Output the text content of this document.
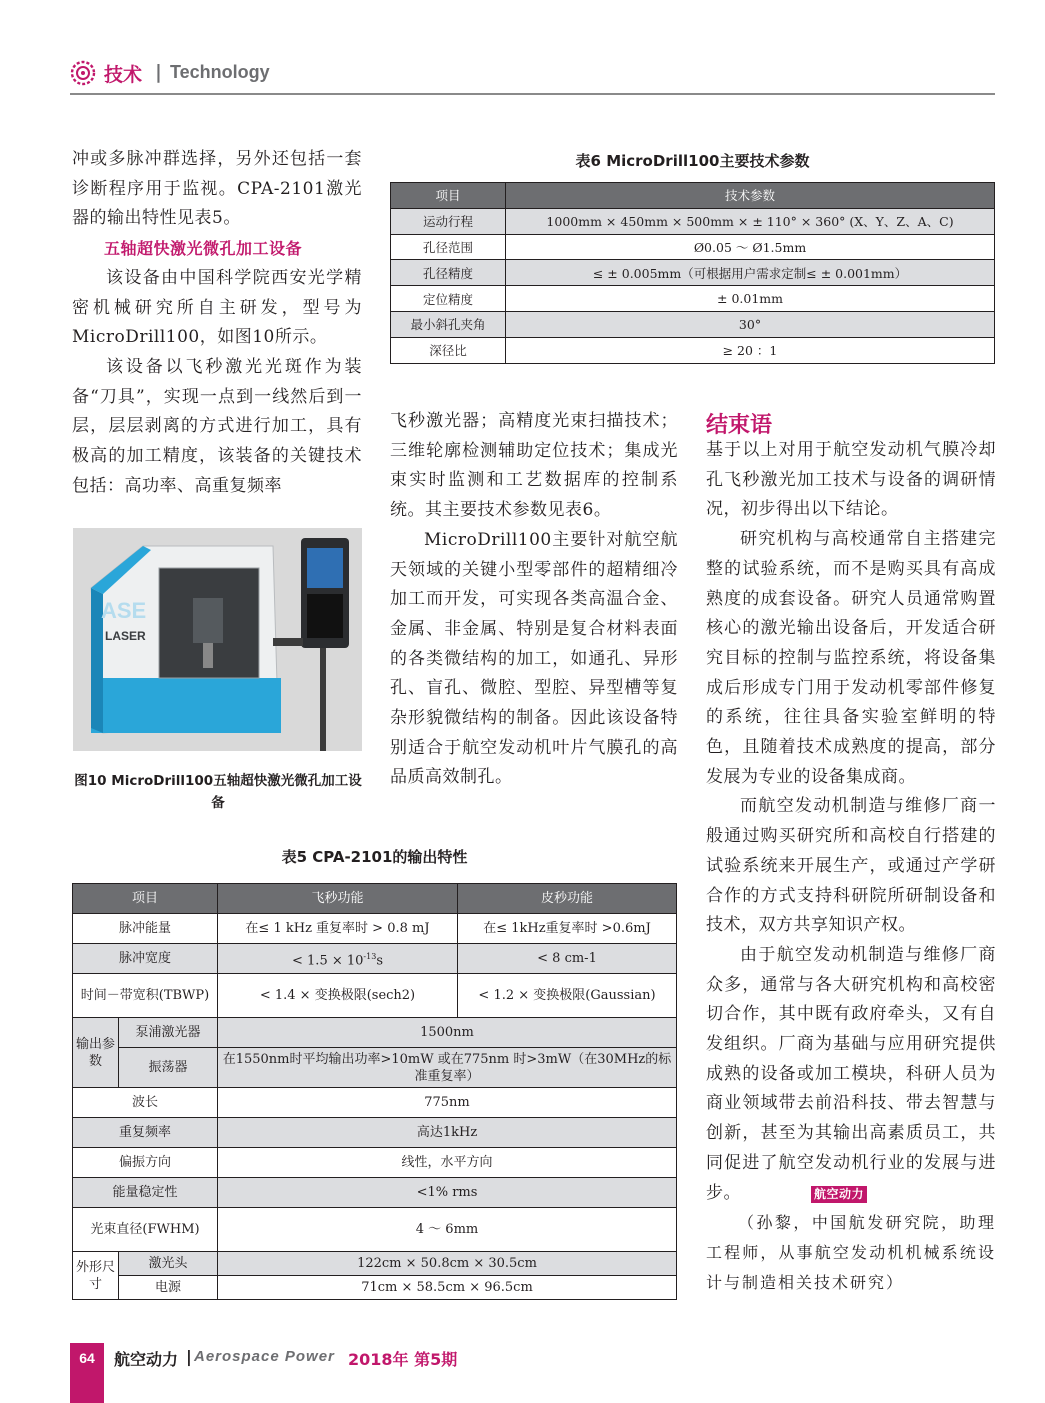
技术 | Technology

冲或多脉冲群选择，另外还包括一套诊断程序用于监视。CPA-2101激光器的输出特性见表5。

五轴超快激光微孔加工设备

该设备由中国科学院西安光学精密机械研究所自主研发，型号为MicroDrill100，如图10所示。

该设备以飞秒激光光斑作为装备“刀具”，实现一点到一线然后到一层，层层剥离的方式进行加工，具有极高的加工精度，该装备的关键技术包括：高功率、高重复频率

LASER
ASE
图10 MicroDrill100五轴超快激光微孔加工设备
表6 MicroDrill100主要技术参数
项目	技术参数
运动行程	1000mm × 450mm × 500mm × ± 110° × 360° (X、Y、Z、A、C)
孔径范围	Ø0.05 ～ Ø1.5mm
孔径精度	≤ ± 0.005mm（可根据用户需求定制≤ ± 0.001mm）
定位精度	± 0.01mm
最小斜孔夹角	30°
深径比	≥ 20 ：1

飞秒激光器；高精度光束扫描技术；三维轮廓检测辅助定位技术；集成光束实时监测和工艺数据库的控制系统。其主要技术参数见表6。

MicroDrill100主要针对航空航天领域的关键小型零部件的超精细冷加工而开发，可实现各类高温合金、金属、非金属、特别是复合材料表面的各类微结构的加工，如通孔、异形孔、盲孔、微腔、型腔、异型槽等复杂形貌微结构的制备。因此该设备特别适合于航空发动机叶片气膜孔的高品质高效制孔。

表5 CPA-2101的输出特性
项目		飞秒功能	皮秒功能
脉冲能量		在≤ 1 kHz 重复率时 > 0.8 mJ	在≤ 1kHz重复率时 >0.6mJ
脉冲宽度		< $1.5 \times 10^{-13}s$	< 8 cm-1
时间－带宽积(TBWP)		< 1.4 × 变换极限(sech2)	< 1.2 × 变换极限(Gaussian)
输出参数	泵浦激光器	1500nm	
	振荡器	在1550nm时平均输出功率>10mW 或在775nm 时>3mW（在30MHz的标准重复率）	
波长		775nm	
重复频率		高达1kHz	
偏振方向		线性，水平方向	
能量稳定性		<1% rms	
光束直径(FWHM)		4 ～ 6mm	
外形尺寸	激光头	122cm × 50.8cm × 30.5cm	
	电源	71cm × 58.5cm × 96.5cm	
结束语

基于以上对用于航空发动机气膜冷却孔飞秒激光加工技术与设备的调研情况，初步得出以下结论。

研究机构与高校通常自主搭建完整的试验系统，而不是购买具有高成熟度的成套设备。研究人员通常购置核心的激光输出设备后，开发适合研究目标的控制与监控系统，将设备集成后形成专门用于发动机零部件修复的系统，往往具备实验室鲜明的特色，且随着技术成熟度的提高，部分发展为专业的设备集成商。

而航空发动机制造与维修厂商一般通过购买研究所和高校自行搭建的试验系统来开展生产，或通过产学研合作的方式支持科研院所研制设备和技术，双方共享知识产权。

由于航空发动机制造与维修厂商众多，通常与各大研究机构和高校密切合作，其中既有政府牵头，又有自发组织。厂商为基础与应用研究提供成熟的设备或加工模块，科研人员为商业领域带去前沿科技、带去智慧与创新，甚至为其输出高素质员工，共同促进了航空发动机行业的发展与进步。	航空动力

（孙黎，中国航发研究院，助理工程师，从事航空发动机机械系统设计与制造相关技术研究）

64	航空动力 | Aerospace Power 2018年 第5期
